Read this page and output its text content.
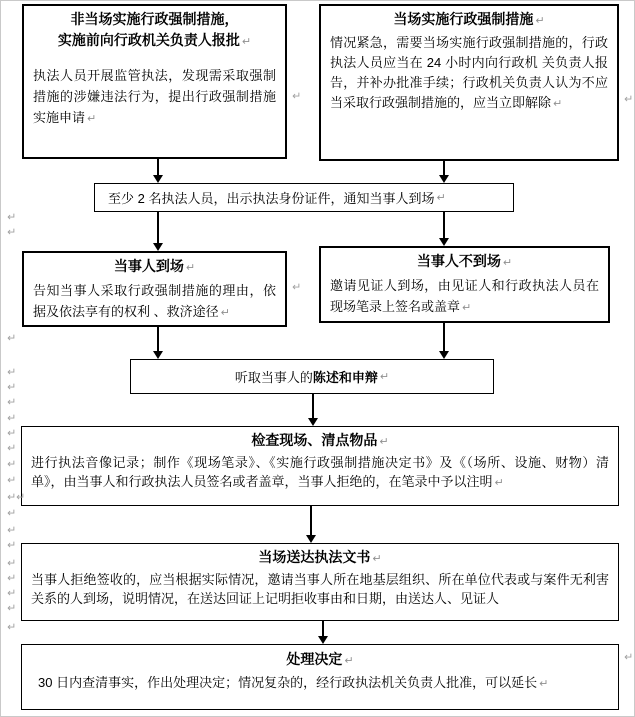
非当场实施行政强制措施，
实施前向行政机关负责人报批 ↵
执法人员开展监管执法，发现需采取强制措施的涉嫌违法行为，提出行政强制措施实施申请 ↵
当场实施行政强制措施 ↵
情况紧急，需要当场实施行政强制措施的，行政执法人员应当在 24 小时内向行政机 关负责人报告，并补办批准手续；行政机关负责人认为不应当采取行政强制措施的，应当立即解除 ↵
至少 2 名执法人员，出示执法身份证件，通知当事人到场 ↵
当事人到场 ↵
告知当事人采取行政强制措施的理由，依据及依法享有的权利 、救济途径 ↵
当事人不到场 ↵
邀请见证人到场，由见证人和行政执法人员在现场笔录上签名或盖章 ↵
听取当事人的 陈述和申辩 ↵
检查现场、清点物品 ↵
进行执法音像记录；制作《现场笔录》、《实施行政强制措施决定书》及《（场所、设施、财物）清单》，由当事人和行政执法人员签名或者盖章，当事人拒绝的，在笔录中予以注明 ↵
当场送达执法文书 ↵
当事人拒绝签收的，应当根据实际情况，邀请当事人所在地基层组织、所在单位代表或与案件无利害关系的人到场，说明情况，在送达回证上记明拒收事由和日期，由送达人、见证人
处理决定 ↵
30 日内查清事实，作出处理决定；情况复杂的，经行政执法机关负责人批准，可以延长 ↵
↵	↵
↵
↵
↵
↵
↵
↵
↵
↵
↵
↵
↵
↵
↵ ↵
↵
↵
↵
↵
↵
↵
↵
↵
↵
